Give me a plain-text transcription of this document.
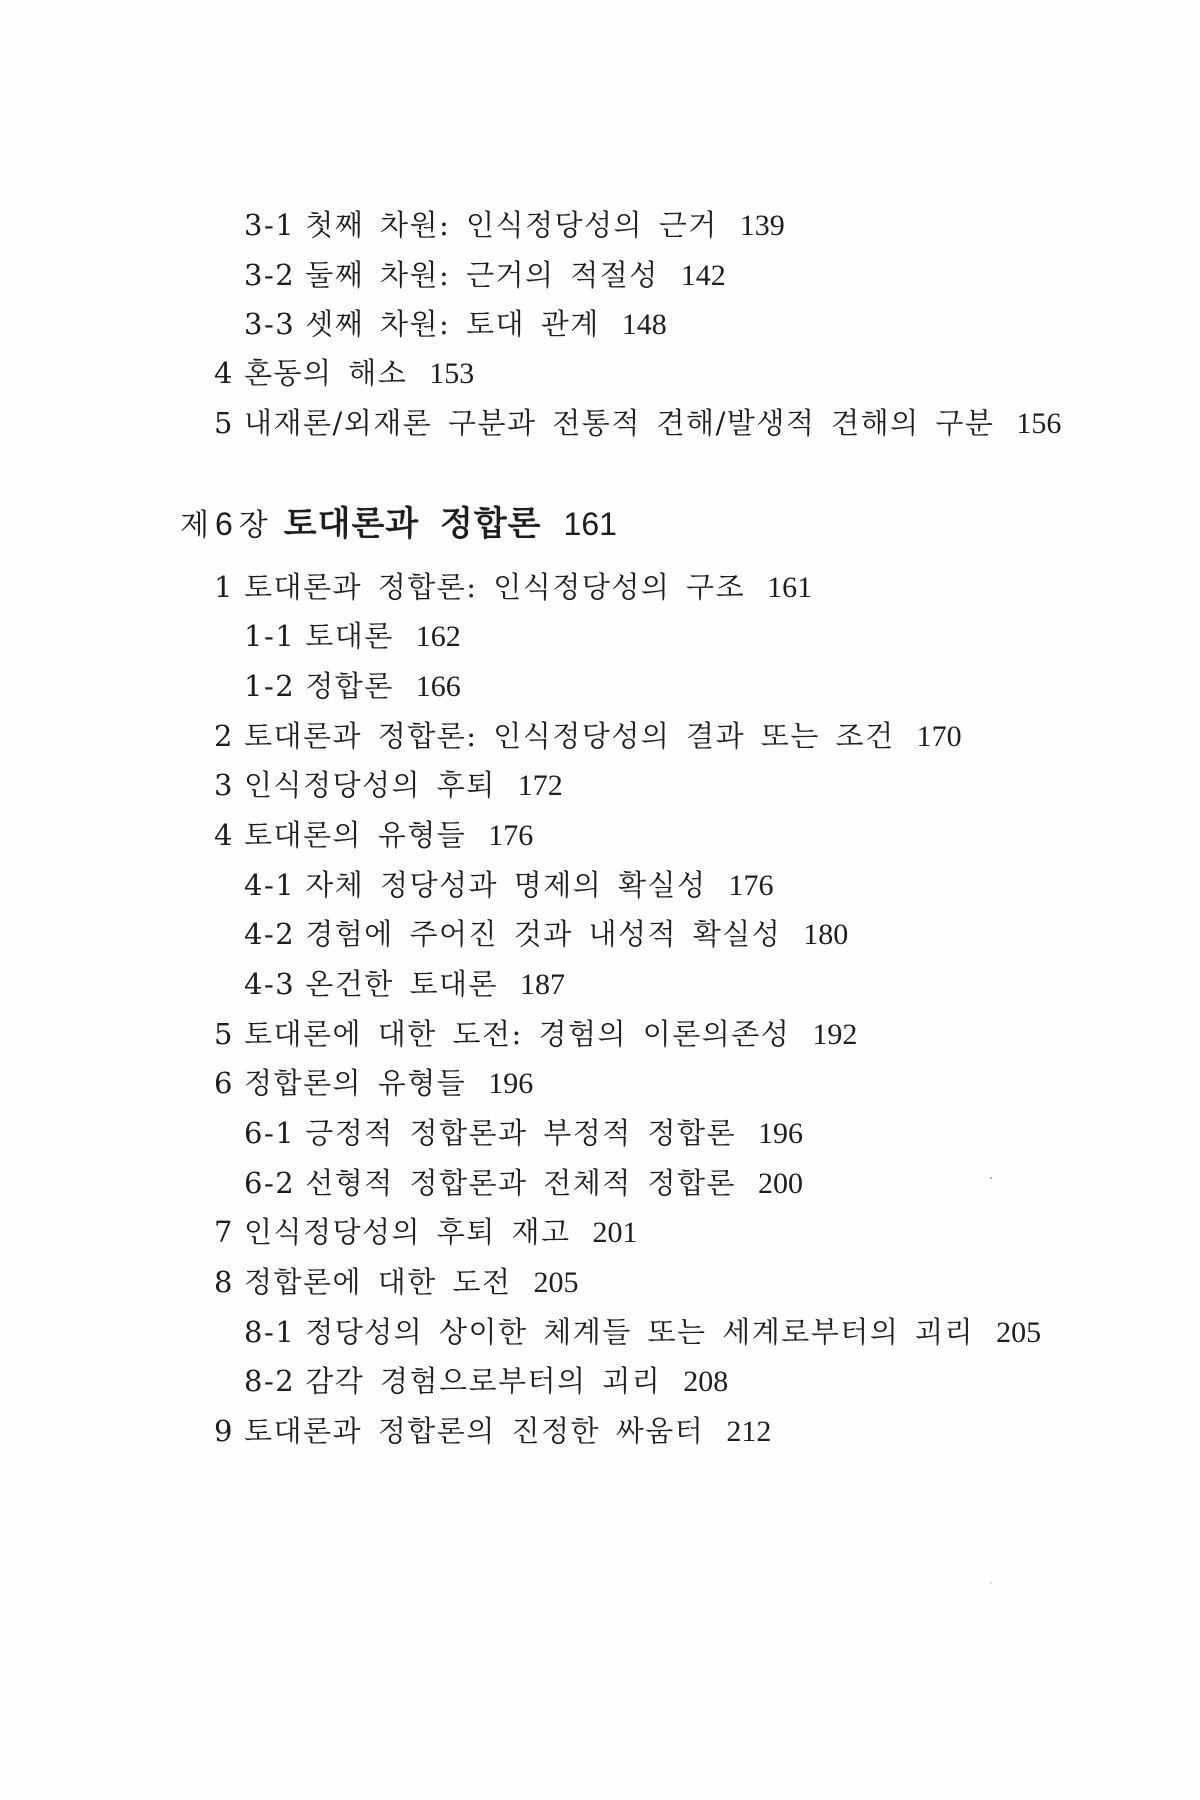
3-1 첫째 차원: 인식정당성의 근거 139
3-2 둘째 차원: 근거의 적절성 142
3-3 셋째 차원: 토대 관계 148
4 혼동의 해소 153
5 내재론/외재론 구분과 전통적 견해/발생적 견해의 구분 156
제 6 장 토대론과 정합론 161
1 토대론과 정합론: 인식정당성의 구조 161
1-1 토대론 162
1-2 정합론 166
2 토대론과 정합론: 인식정당성의 결과 또는 조건 170
3 인식정당성의 후퇴 172
4 토대론의 유형들 176
4-1 자체 정당성과 명제의 확실성 176
4-2 경험에 주어진 것과 내성적 확실성 180
4-3 온건한 토대론 187
5 토대론에 대한 도전: 경험의 이론의존성 192
6 정합론의 유형들 196
6-1 긍정적 정합론과 부정적 정합론 196
6-2 선형적 정합론과 전체적 정합론 200
7 인식정당성의 후퇴 재고 201
8 정합론에 대한 도전 205
8-1 정당성의 상이한 체계들 또는 세계로부터의 괴리 205
8-2 감각 경험으로부터의 괴리 208
9 토대론과 정합론의 진정한 싸움터 212
